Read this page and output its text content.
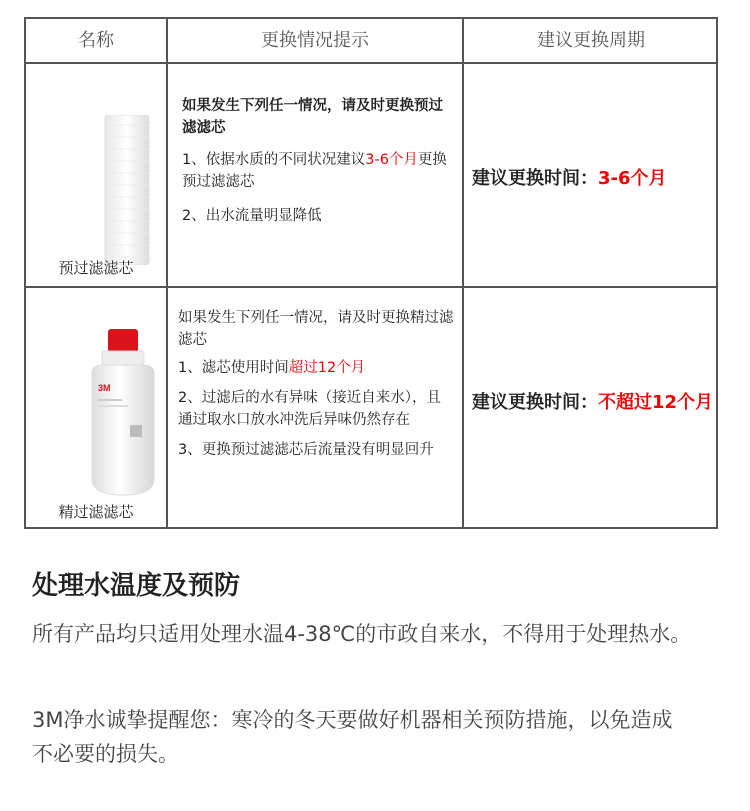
名称	更换情况提示	建议更换周期
预过滤滤芯

如果发生下列任一情况，请及时更换预过滤滤芯

1、依据水质的不同状况建议3-6个月更换预过滤滤芯

2、出水流量明显降低

建议更换时间：3-6个月
3M
精过滤滤芯

如果发生下列任一情况，请及时更换精过滤滤芯

1、滤芯使用时间超过12个月

2、过滤后的水有异味（接近自来水），且通过取水口放水冲洗后异味仍然存在

3、更换预过滤滤芯后流量没有明显回升

建议更换时间：不超过12个月
处理水温度及预防
所有产品均只适用处理水温4-38℃的市政自来水，不得用于处理热水。
3M净水诚挚提醒您：寒冷的冬天要做好机器相关预防措施，以免造成不必要的损失。
